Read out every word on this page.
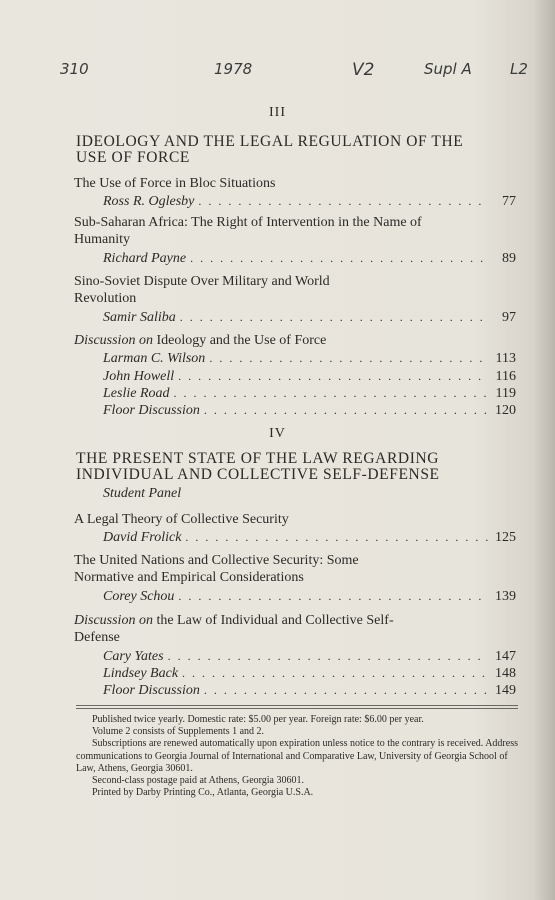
310	1978	V2	Supl A	L2
III
IDEOLOGY AND THE LEGAL REGULATION OF THE USE OF FORCE
The Use of Force in Bloc Situations
Ross R. Oglesby . . .	77
Sub-Saharan Africa: The Right of Intervention in the Name of Humanity
Richard Payne . . .	89
Sino-Soviet Dispute Over Military and World Revolution
Samir Saliba . . .	97
Discussion on Ideology and the Use of Force
Larman C. Wilson . . .	113
John Howell . . .	116
Leslie Road . . .	119
Floor Discussion . . .	120
IV
THE PRESENT STATE OF THE LAW REGARDING INDIVIDUAL AND COLLECTIVE SELF-DEFENSE
Student Panel
A Legal Theory of Collective Security
David Frolick . . .	125
The United Nations and Collective Security: Some Normative and Empirical Considerations
Corey Schou . . .	139
Discussion on the Law of Individual and Collective Self-Defense
Cary Yates . . .	147
Lindsey Back . . .	148
Floor Discussion . . .	149

Published twice yearly. Domestic rate: $5.00 per year. Foreign rate: $6.00 per year.

Volume 2 consists of Supplements 1 and 2.

Subscriptions are renewed automatically upon expiration unless notice to the contrary is received. Address communications to Georgia Journal of International and Comparative Law, University of Georgia School of Law, Athens, Georgia 30601.

Second-class postage paid at Athens, Georgia 30601.

Printed by Darby Printing Co., Atlanta, Georgia U.S.A.
